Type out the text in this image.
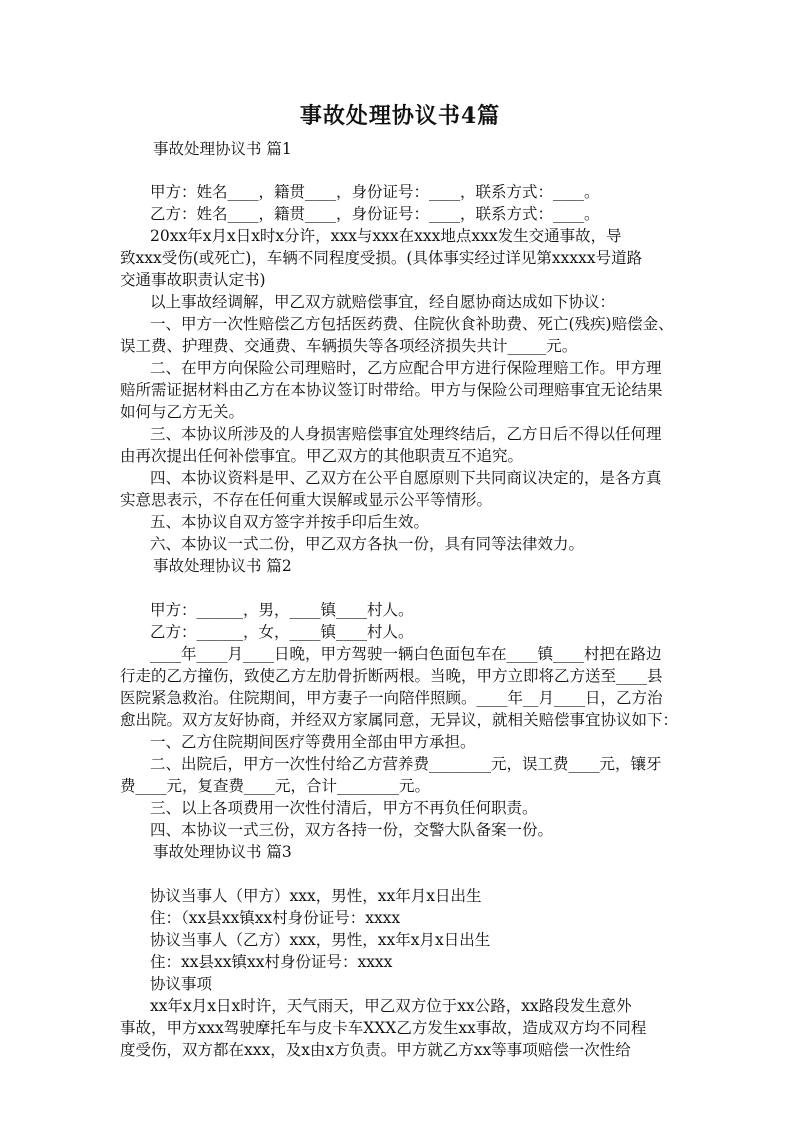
事故处理协议书4篇
事故处理协议书 篇1
甲方：姓名____，籍贯____，身份证号：____，联系方式：____。
乙方：姓名____，籍贯____，身份证号：____，联系方式：____。
20xx年x月x日x时x分许，xxx与xxx在xxx地点xxx发生交通事故，导
致xxx受伤(或死亡)，车辆不同程度受损。(具体事实经过详见第xxxxx号道路
交通事故职责认定书)
以上事故经调解，甲乙双方就赔偿事宜，经自愿协商达成如下协议：
一、甲方一次性赔偿乙方包括医药费、住院伙食补助费、死亡(残疾)赔偿金、
误工费、护理费、交通费、车辆损失等各项经济损失共计_____元。
二、在甲方向保险公司理赔时，乙方应配合甲方进行保险理赔工作。甲方理
赔所需证据材料由乙方在本协议签订时带给。甲方与保险公司理赔事宜无论结果
如何与乙方无关。
三、本协议所涉及的人身损害赔偿事宜处理终结后，乙方日后不得以任何理
由再次提出任何补偿事宜。甲乙双方的其他职责互不追究。
四、本协议资料是甲、乙双方在公平自愿原则下共同商议决定的，是各方真
实意思表示，不存在任何重大误解或显示公平等情形。
五、本协议自双方签字并按手印后生效。
六、本协议一式二份，甲乙双方各执一份，具有同等法律效力。
事故处理协议书 篇2
甲方：______，男，____镇____村人。
乙方：______，女，____镇____村人。
____年____月____日晚，甲方驾驶一辆白色面包车在____镇____村把在路边
行走的乙方撞伤，致使乙方左肋骨折断两根。当晚，甲方立即将乙方送至____县
医院紧急救治。住院期间，甲方妻子一向陪伴照顾。____年__月____日，乙方治
愈出院。双方友好协商，并经双方家属同意，无异议，就相关赔偿事宜协议如下：
一、乙方住院期间医疗等费用全部由甲方承担。
二、出院后，甲方一次性付给乙方营养费________元，误工费____元，镶牙
费____元，复查费____元，合计________元。
三、以上各项费用一次性付清后，甲方不再负任何职责。
四、本协议一式三份，双方各持一份，交警大队备案一份。
事故处理协议书 篇3
协议当事人（甲方）xxx，男性，xx年月x日出生
住：（xx县xx镇xx村身份证号：xxxx
协议当事人（乙方）xxx，男性，xx年x月x日出生
住：xx县xx镇xx村身份证号：xxxx
协议事项
xx年x月x日x时许，天气雨天，甲乙双方位于xx公路，xx路段发生意外
事故，甲方xxx驾驶摩托车与皮卡车XXX乙方发生xx事故，造成双方均不同程
度受伤，双方都在xxx，及x由x方负责。甲方就乙方xx等事项赔偿一次性给
